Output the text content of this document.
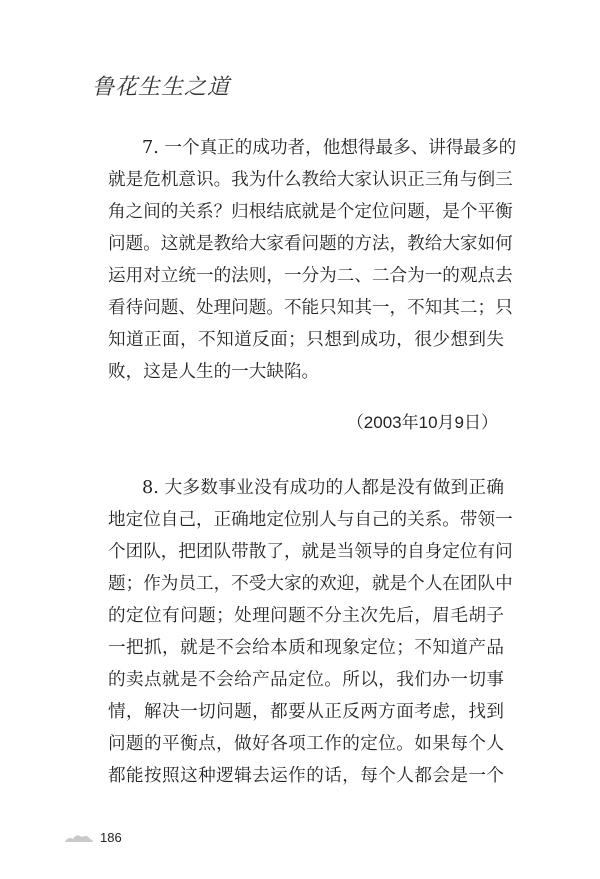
鲁花生生之道

7. 一个真正的成功者，他想得最多、讲得最多的
就是危机意识。我为什么教给大家认识正三角与倒三
角之间的关系？归根结底就是个定位问题，是个平衡
问题。这就是教给大家看问题的方法，教给大家如何
运用对立统一的法则，一分为二、二合为一的观点去
看待问题、处理问题。不能只知其一，不知其二；只
知道正面，不知道反面；只想到成功，很少想到失
败，这是人生的一大缺陷。

（2003年10月9日）

8. 大多数事业没有成功的人都是没有做到正确
地定位自己，正确地定位别人与自己的关系。带领一
个团队，把团队带散了，就是当领导的自身定位有问
题；作为员工，不受大家的欢迎，就是个人在团队中
的定位有问题；处理问题不分主次先后，眉毛胡子
一把抓，就是不会给本质和现象定位；不知道产品
的卖点就是不会给产品定位。所以，我们办一切事
情，解决一切问题，都要从正反两方面考虑，找到
问题的平衡点，做好各项工作的定位。如果每个人
都能按照这种逻辑去运作的话，每个人都会是一个

186
